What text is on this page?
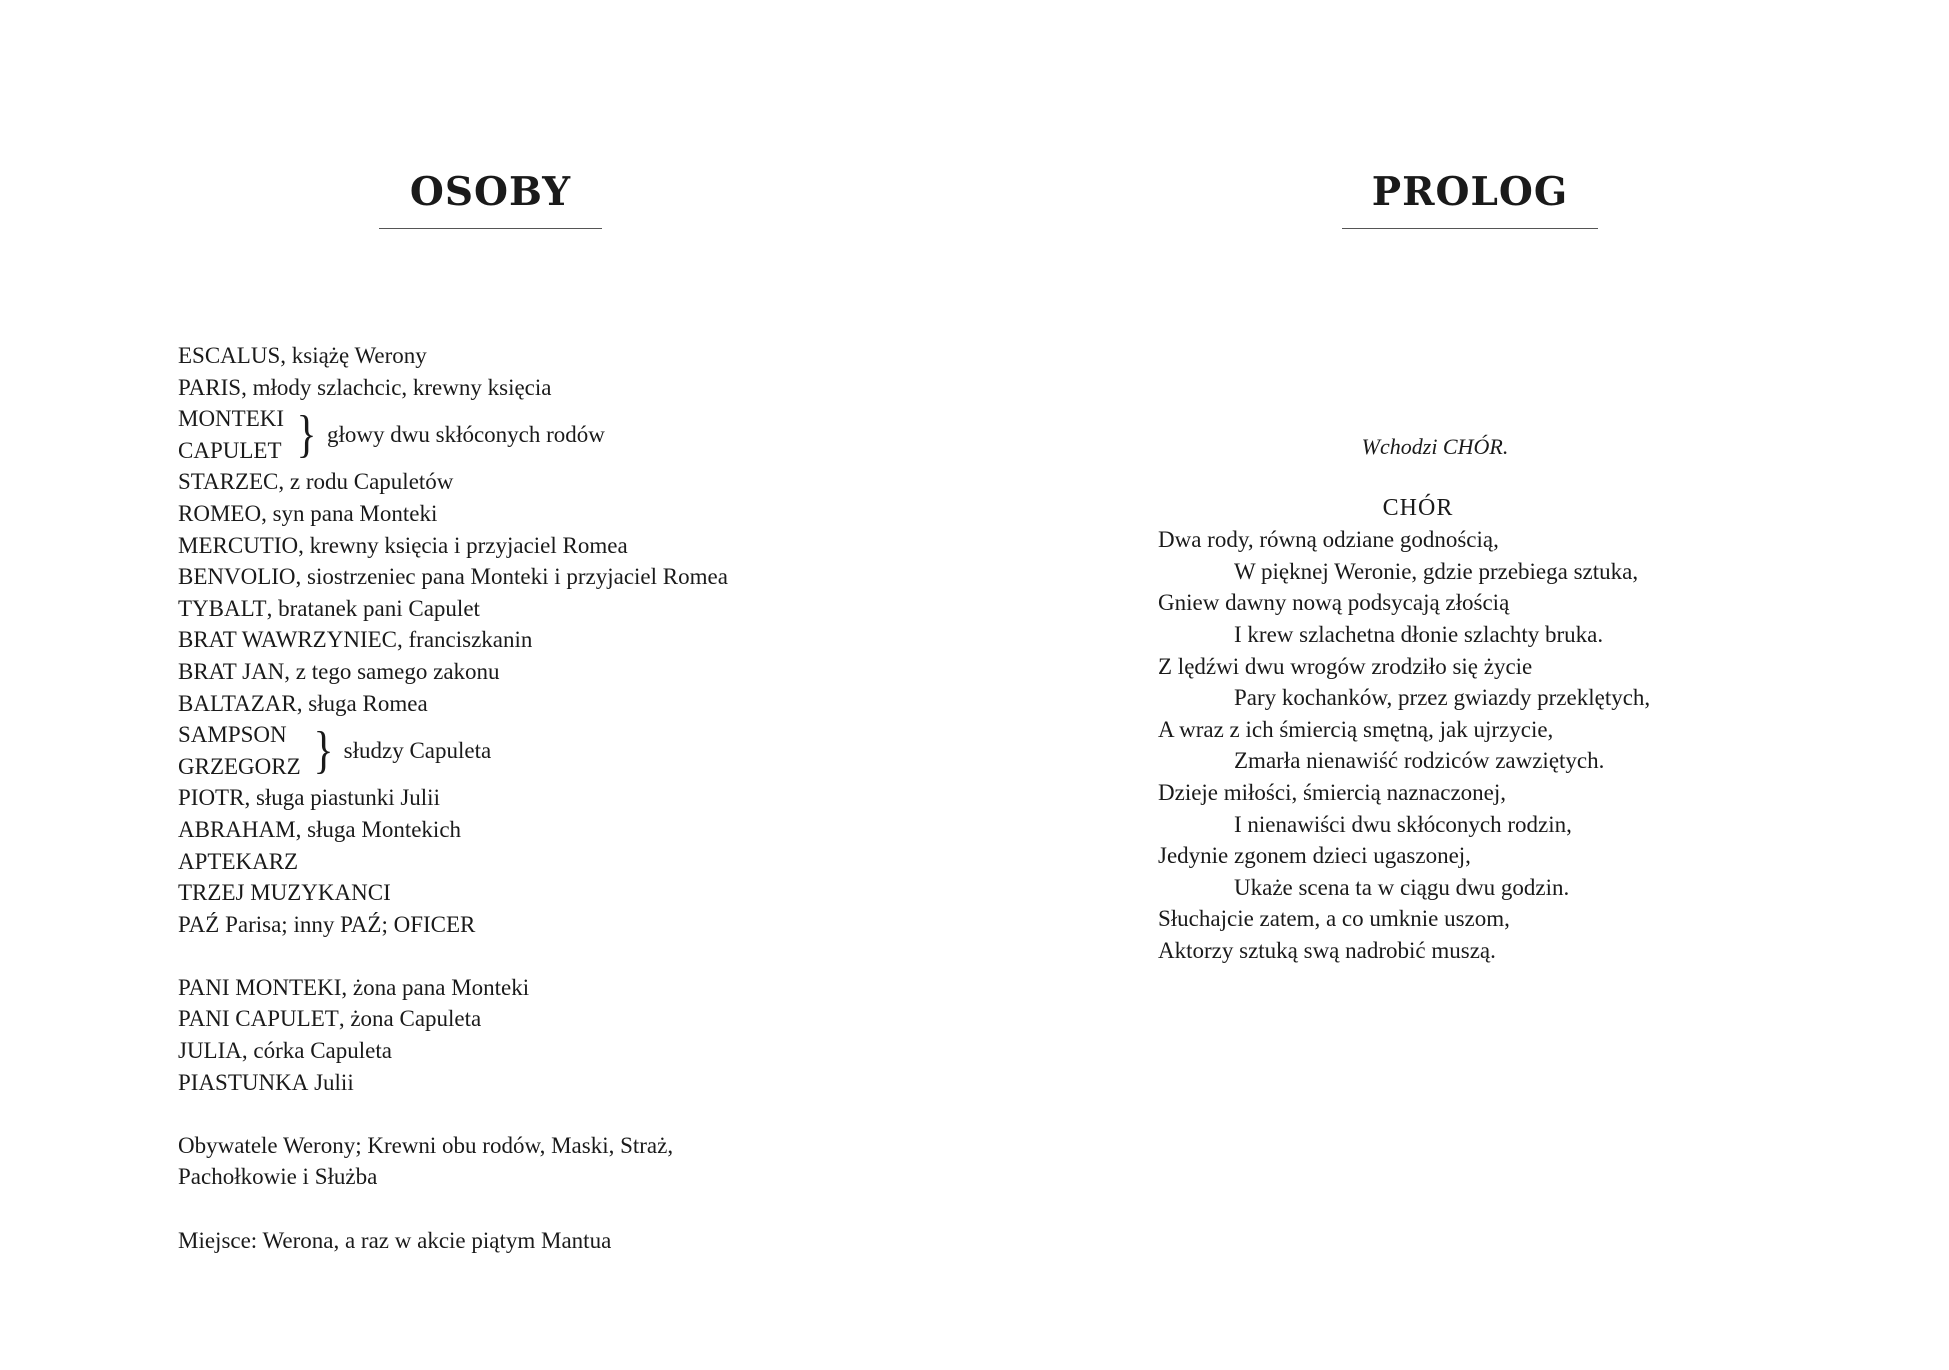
OSOBY	PROLOG
ESCALUS, książę Werony
PARIS, młody szlachcic, krewny księcia
MONTEKI
CAPULET } głowy dwu skłóconych rodów
STARZEC, z rodu Capuletów
ROMEO, syn pana Monteki
MERCUTIO, krewny księcia i przyjaciel Romea
BENVOLIO, siostrzeniec pana Monteki i przyjaciel Romea
TYBALT, bratanek pani Capulet
BRAT WAWRZYNIEC, franciszkanin
BRAT JAN, z tego samego zakonu
BALTAZAR, sługa Romea
SAMPSON
GRZEGORZ } słudzy Capuleta
PIOTR, sługa piastunki Julii
ABRAHAM, sługa Montekich
APTEKARZ
TRZEJ MUZYKANCI
PAŹ Parisa; inny PAŹ; OFICER
PANI MONTEKI, żona pana Monteki
PANI CAPULET, żona Capuleta
JULIA, córka Capuleta
PIASTUNKA Julii
Obywatele Werony; Krewni obu rodów, Maski, Straż,
Pachołkowie i Służba
Miejsce: Werona, a raz w akcie piątym Mantua
Wchodzi CHÓR.
CHÓR
Dwa rody, równą odziane godnością,
W pięknej Weronie, gdzie przebiega sztuka,
Gniew dawny nową podsycają złością
I krew szlachetna dłonie szlachty bruka.
Z lędźwi dwu wrogów zrodziło się życie
Pary kochanków, przez gwiazdy przeklętych,
A wraz z ich śmiercią smętną, jak ujrzycie,
Zmarła nienawiść rodziców zawziętych.
Dzieje miłości, śmiercią naznaczonej,
I nienawiści dwu skłóconych rodzin,
Jedynie zgonem dzieci ugaszonej,
Ukaże scena ta w ciągu dwu godzin.
Słuchajcie zatem, a co umknie uszom,
Aktorzy sztuką swą nadrobić muszą.
